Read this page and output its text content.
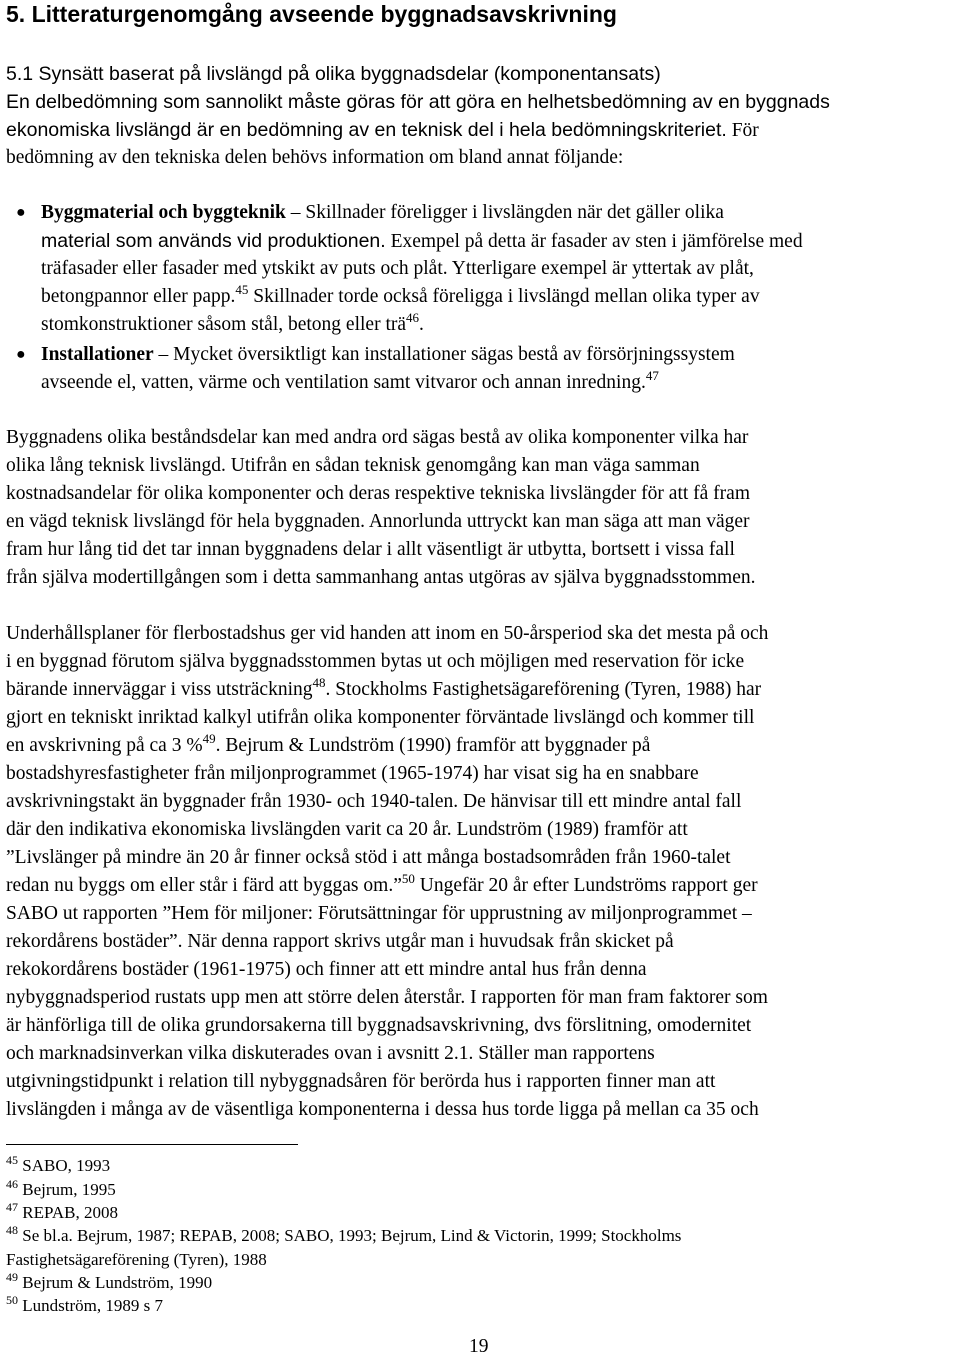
5. Litteraturgenomgång avseende byggnadsavskrivning
5.1 Synsätt baserat på livslängd på olika byggnadsdelar (komponentansats)
En delbedömning som sannolikt måste göras för att göra en helhetsbedömning av en byggnads
ekonomiska livslängd är en bedömning av en teknisk del i hela bedömningskriteriet. För
bedömning av den tekniska delen behövs information om bland annat följande:
● Byggmaterial och byggteknik – Skillnader föreligger i livslängden när det gäller olika
material som används vid produktionen. Exempel på detta är fasader av sten i jämförelse med
träfasader eller fasader med ytskikt av puts och plåt. Ytterligare exempel är yttertak av plåt,
betongpannor eller papp.$^{45}$ Skillnader torde också föreligga i livslängd mellan olika typer av
stomkonstruktioner såsom stål, betong eller trä$^{46}$.
● Installationer – Mycket översiktligt kan installationer sägas bestå av försörjningssystem
avseende el, vatten, värme och ventilation samt vitvaror och annan inredning.$^{47}$
Byggnadens olika beståndsdelar kan med andra ord sägas bestå av olika komponenter vilka har
olika lång teknisk livslängd. Utifrån en sådan teknisk genomgång kan man väga samman
kostnadsandelar för olika komponenter och deras respektive tekniska livslängder för att få fram
en vägd teknisk livslängd för hela byggnaden. Annorlunda uttryckt kan man säga att man väger
fram hur lång tid det tar innan byggnadens delar i allt väsentligt är utbytta, bortsett i vissa fall
från själva modertillgången som i detta sammanhang antas utgöras av själva byggnadsstommen.
Underhållsplaner för flerbostadshus ger vid handen att inom en 50-årsperiod ska det mesta på och
i en byggnad förutom själva byggnadsstommen bytas ut och möjligen med reservation för icke
bärande innerväggar i viss utsträckning$^{48}$. Stockholms Fastighetsägareförening (Tyren, 1988) har
gjort en tekniskt inriktad kalkyl utifrån olika komponenter förväntade livslängd och kommer till
en avskrivning på ca 3 %$^{49}$. Bejrum & Lundström (1990) framför att byggnader på
bostadshyresfastigheter från miljonprogrammet (1965-1974) har visat sig ha en snabbare
avskrivningstakt än byggnader från 1930- och 1940-talen. De hänvisar till ett mindre antal fall
där den indikativa ekonomiska livslängden varit ca 20 år. Lundström (1989) framför att
”Livslänger på mindre än 20 år finner också stöd i att många bostadsområden från 1960-talet
redan nu byggs om eller står i färd att byggas om.”$^{50}$ Ungefär 20 år efter Lundströms rapport ger
SABO ut rapporten ”Hem för miljoner: Förutsättningar för upprustning av miljonprogrammet –
rekordårens bostäder”. När denna rapport skrivs utgår man i huvudsak från skicket på
rekokordårens bostäder (1961-1975) och finner att ett mindre antal hus från denna
nybyggnadsperiod rustats upp men att större delen återstår. I rapporten för man fram faktorer som
är hänförliga till de olika grundorsakerna till byggnadsavskrivning, dvs förslitning, omodernitet
och marknadsinverkan vilka diskuterades ovan i avsnitt 2.1. Ställer man rapportens
utgivningstidpunkt i relation till nybyggnadsåren för berörda hus i rapporten finner man att
livslängden i många av de väsentliga komponenterna i dessa hus torde ligga på mellan ca 35 och
$^{45}$ SABO, 1993
$^{46}$ Bejrum, 1995
$^{47}$ REPAB, 2008
$^{48}$ Se bl.a. Bejrum, 1987; REPAB, 2008; SABO, 1993; Bejrum, Lind & Victorin, 1999; Stockholms
Fastighetsägareförening (Tyren), 1988
$^{49}$ Bejrum & Lundström, 1990
$^{50}$ Lundström, 1989 s 7
19
